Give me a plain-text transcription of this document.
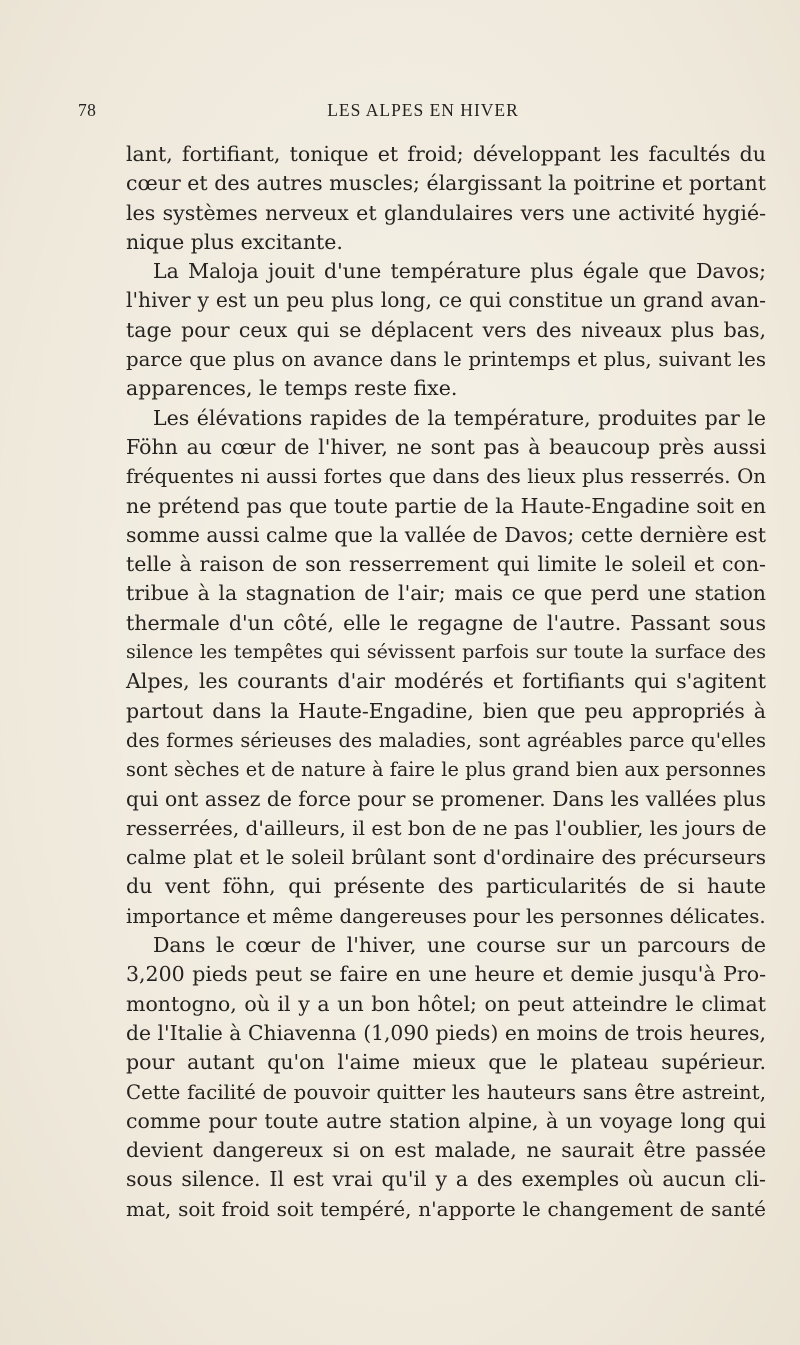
78	LES ALPES EN HIVER
lant, fortifiant, tonique et froid; développant les facultés du
cœur et des autres muscles; élargissant la poitrine et portant
les systèmes nerveux et glandulaires vers une activité hygié-
nique plus excitante.
La Maloja jouit d'une température plus égale que Davos;
l'hiver y est un peu plus long, ce qui constitue un grand avan-
tage pour ceux qui se déplacent vers des niveaux plus bas,
parce que plus on avance dans le printemps et plus, suivant les
apparences, le temps reste fixe.
Les élévations rapides de la température, produites par le
Föhn au cœur de l'hiver, ne sont pas à beaucoup près aussi
fréquentes ni aussi fortes que dans des lieux plus resserrés. On
ne prétend pas que toute partie de la Haute-Engadine soit en
somme aussi calme que la vallée de Davos; cette dernière est
telle à raison de son resserrement qui limite le soleil et con-
tribue à la stagnation de l'air; mais ce que perd une station
thermale d'un côté, elle le regagne de l'autre. Passant sous
silence les tempêtes qui sévissent parfois sur toute la surface des
Alpes, les courants d'air modérés et fortifiants qui s'agitent
partout dans la Haute-Engadine, bien que peu appropriés à
des formes sérieuses des maladies, sont agréables parce qu'elles
sont sèches et de nature à faire le plus grand bien aux personnes
qui ont assez de force pour se promener. Dans les vallées plus
resserrées, d'ailleurs, il est bon de ne pas l'oublier, les jours de
calme plat et le soleil brûlant sont d'ordinaire des précurseurs
du vent föhn, qui présente des particularités de si haute
importance et même dangereuses pour les personnes délicates.
Dans le cœur de l'hiver, une course sur un parcours de
3,200 pieds peut se faire en une heure et demie jusqu'à Pro-
montogno, où il y a un bon hôtel; on peut atteindre le climat
de l'Italie à Chiavenna (1,090 pieds) en moins de trois heures,
pour autant qu'on l'aime mieux que le plateau supérieur.
Cette facilité de pouvoir quitter les hauteurs sans être astreint,
comme pour toute autre station alpine, à un voyage long qui
devient dangereux si on est malade, ne saurait être passée
sous silence. Il est vrai qu'il y a des exemples où aucun cli-
mat, soit froid soit tempéré, n'apporte le changement de santé
